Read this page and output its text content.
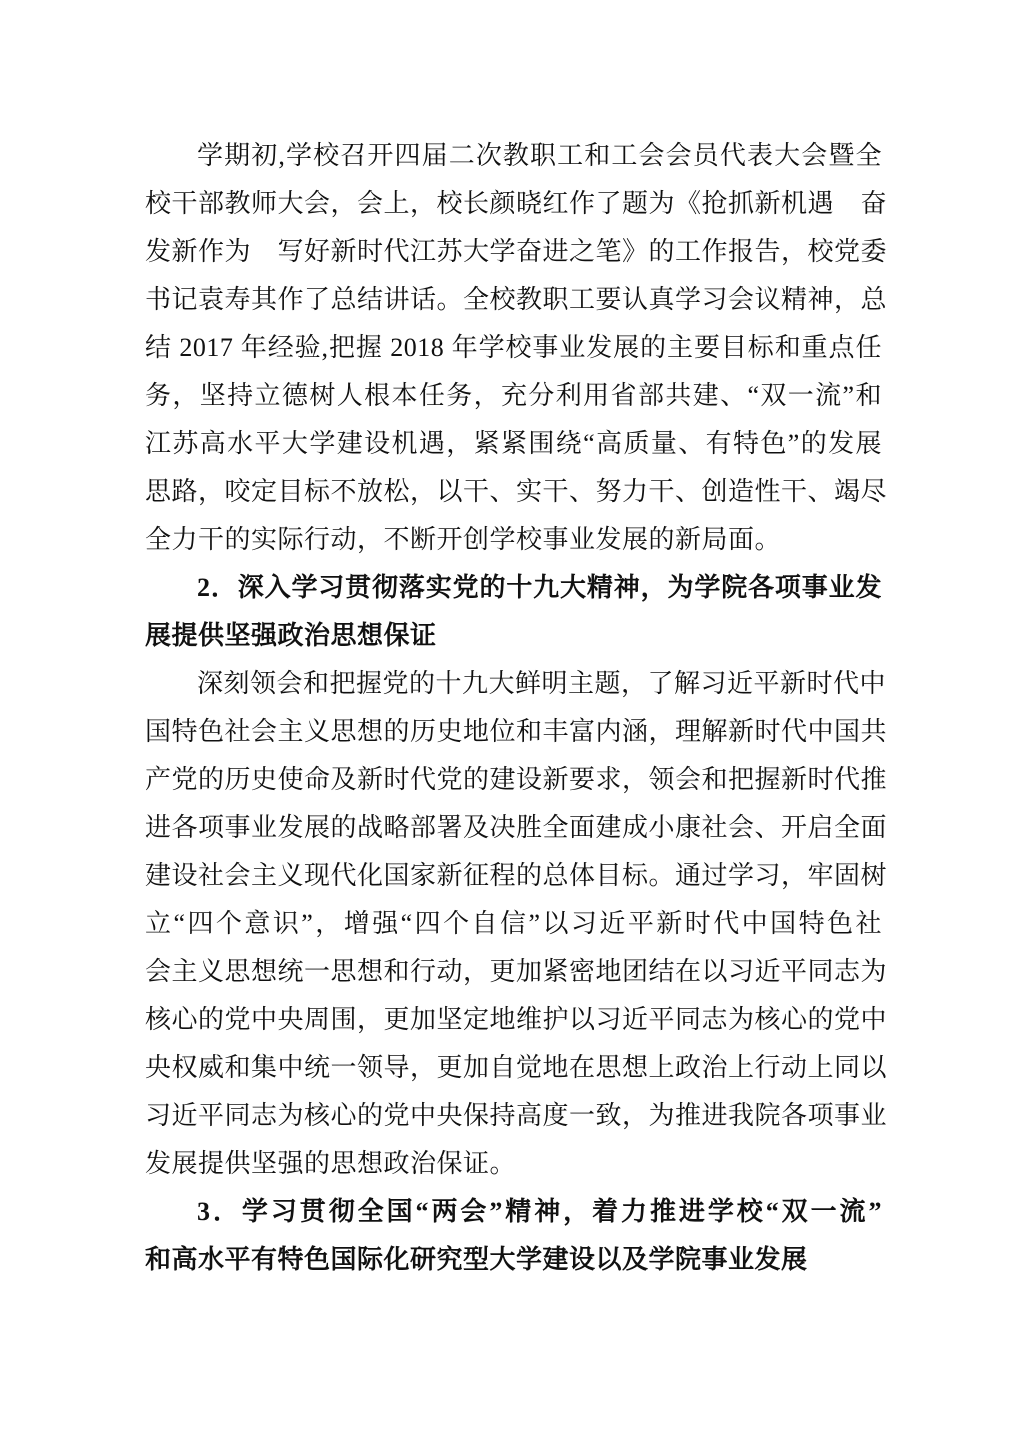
学期初,学校召开四届二次教职工和工会会员代表大会暨全
校干部教师大会，会上，校长颜晓红作了题为《抢抓新机遇　奋
发新作为　写好新时代江苏大学奋进之笔》的工作报告，校党委
书记袁寿其作了总结讲话。全校教职工要认真学习会议精神，总
结 2017 年经验,把握 2018 年学校事业发展的主要目标和重点任
务，坚持立德树人根本任务，充分利用省部共建、“双一流”和
江苏高水平大学建设机遇，紧紧围绕“高质量、有特色”的发展
思路，咬定目标不放松，以干、实干、努力干、创造性干、竭尽
全力干的实际行动，不断开创学校事业发展的新局面。
2．深入学习贯彻落实党的十九大精神，为学院各项事业发
展提供坚强政治思想保证
深刻领会和把握党的十九大鲜明主题，了解习近平新时代中
国特色社会主义思想的历史地位和丰富内涵，理解新时代中国共
产党的历史使命及新时代党的建设新要求，领会和把握新时代推
进各项事业发展的战略部署及决胜全面建成小康社会、开启全面
建设社会主义现代化国家新征程的总体目标。通过学习，牢固树
立“四个意识”，增强“四个自信”以习近平新时代中国特色社
会主义思想统一思想和行动，更加紧密地团结在以习近平同志为
核心的党中央周围，更加坚定地维护以习近平同志为核心的党中
央权威和集中统一领导，更加自觉地在思想上政治上行动上同以
习近平同志为核心的党中央保持高度一致，为推进我院各项事业
发展提供坚强的思想政治保证。
3．学习贯彻全国“两会”精神，着力推进学校“双一流”
和高水平有特色国际化研究型大学建设以及学院事业发展
